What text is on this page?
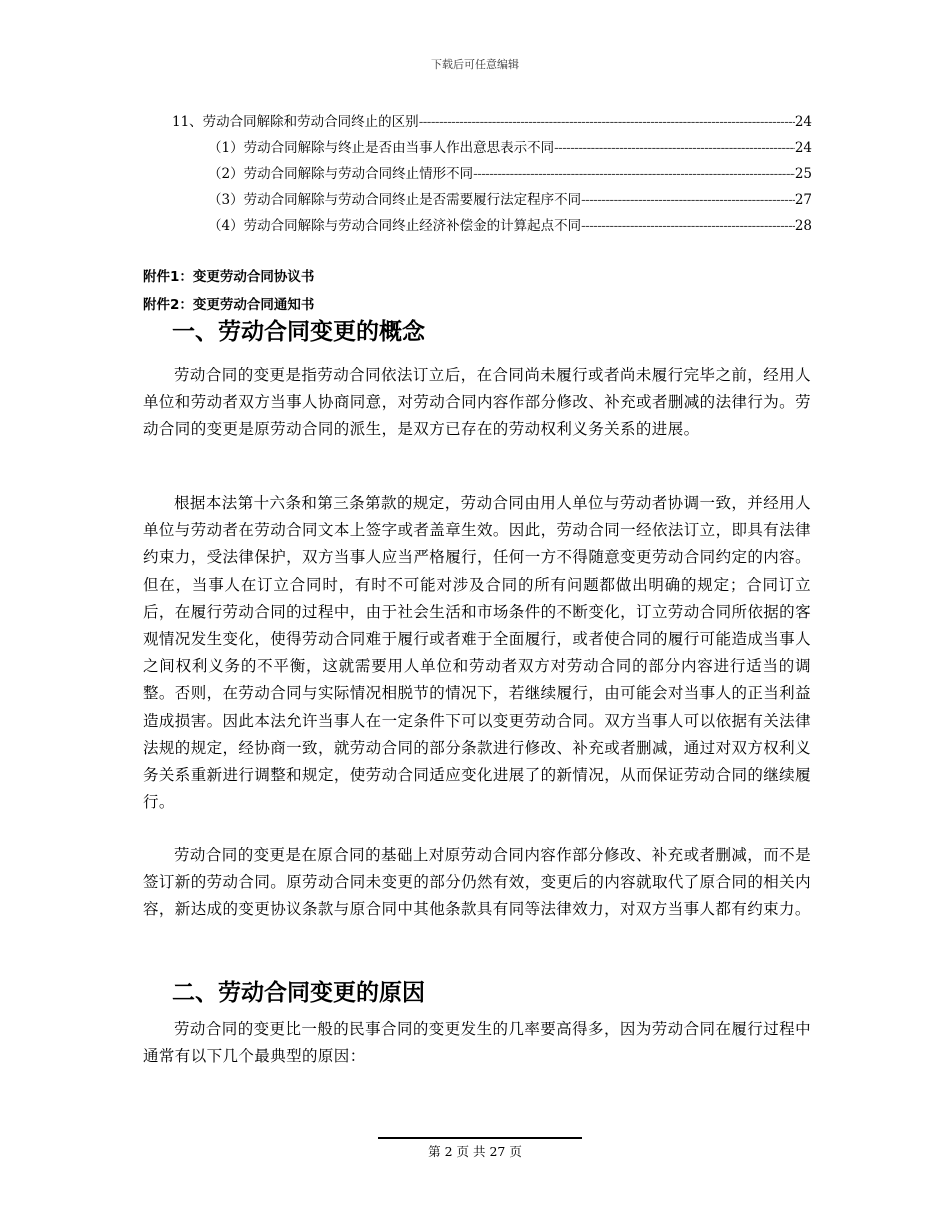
下载后可任意编辑
11、劳动合同解除和劳动合同终止的区别 -----	24
（1）劳动合同解除与终止是否由当事人作出意思表示不同 -----	24
（2）劳动合同解除与劳动合同终止情形不同 -----	25
（3）劳动合同解除与劳动合同终止是否需要履行法定程序不同 -----	27
（4）劳动合同解除与劳动合同终止经济补偿金的计算起点不同 -----	28
附件1：变更劳动合同协议书
附件2：变更劳动合同通知书
一、劳动合同变更的概念

劳动合同的变更是指劳动合同依法订立后，在合同尚未履行或者尚未履行完毕之前，经用人单位和劳动者双方当事人协商同意，对劳动合同内容作部分修改、补充或者删减的法律行为。劳动合同的变更是原劳动合同的派生，是双方已存在的劳动权利义务关系的进展。

根据本法第十六条和第三条第款的规定，劳动合同由用人单位与劳动者协调一致，并经用人单位与劳动者在劳动合同文本上签字或者盖章生效。因此，劳动合同一经依法订立，即具有法律约束力，受法律保护，双方当事人应当严格履行，任何一方不得随意变更劳动合同约定的内容。但在，当事人在订立合同时，有时不可能对涉及合同的所有问题都做出明确的规定；合同订立后，在履行劳动合同的过程中，由于社会生活和市场条件的不断变化，订立劳动合同所依据的客观情况发生变化，使得劳动合同难于履行或者难于全面履行，或者使合同的履行可能造成当事人之间权利义务的不平衡，这就需要用人单位和劳动者双方对劳动合同的部分内容进行适当的调整。否则，在劳动合同与实际情况相脱节的情况下，若继续履行，由可能会对当事人的正当利益造成损害。因此本法允许当事人在一定条件下可以变更劳动合同。双方当事人可以依据有关法律法规的规定，经协商一致，就劳动合同的部分条款进行修改、补充或者删减，通过对双方权利义务关系重新进行调整和规定，使劳动合同适应变化进展了的新情况，从而保证劳动合同的继续履行。

劳动合同的变更是在原合同的基础上对原劳动合同内容作部分修改、补充或者删减，而不是签订新的劳动合同。原劳动合同未变更的部分仍然有效，变更后的内容就取代了原合同的相关内容，新达成的变更协议条款与原合同中其他条款具有同等法律效力，对双方当事人都有约束力。

二、劳动合同变更的原因

劳动合同的变更比一般的民事合同的变更发生的几率要高得多，因为劳动合同在履行过程中通常有以下几个最典型的原因：

第 2 页 共 27 页
